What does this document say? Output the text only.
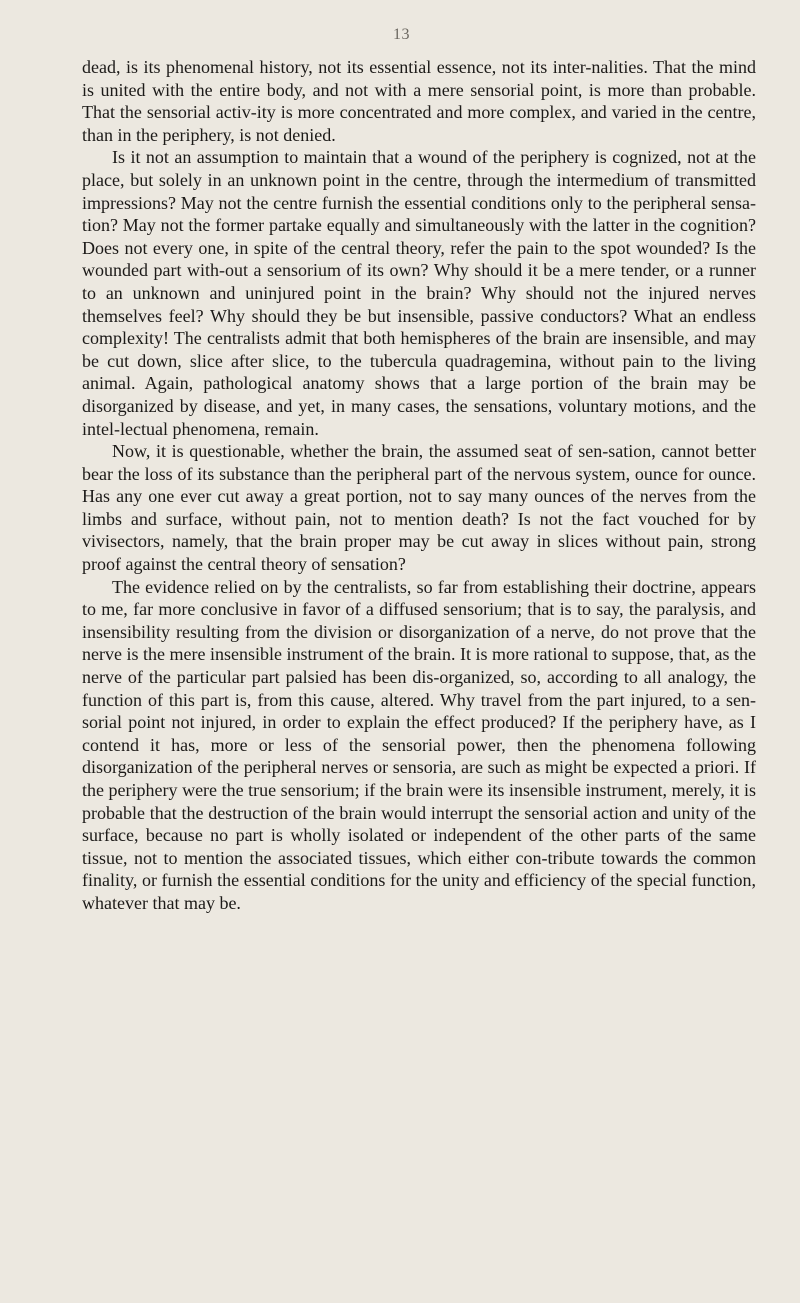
13

dead, is its phenomenal history, not its essential essence, not its inter-nalities. That the mind is united with the entire body, and not with a mere sensorial point, is more than probable. That the sensorial activ-ity is more concentrated and more complex, and varied in the centre, than in the periphery, is not denied.

Is it not an assumption to maintain that a wound of the periphery is cognized, not at the place, but solely in an unknown point in the centre, through the intermedium of transmitted impressions? May not the centre furnish the essential conditions only to the peripheral sensa-tion? May not the former partake equally and simultaneously with the latter in the cognition? Does not every one, in spite of the central theory, refer the pain to the spot wounded? Is the wounded part with-out a sensorium of its own? Why should it be a mere tender, or a runner to an unknown and uninjured point in the brain? Why should not the injured nerves themselves feel? Why should they be but insensible, passive conductors? What an endless complexity! The centralists admit that both hemispheres of the brain are insensible, and may be cut down, slice after slice, to the tubercula quadragemina, without pain to the living animal. Again, pathological anatomy shows that a large portion of the brain may be disorganized by disease, and yet, in many cases, the sensations, voluntary motions, and the intel-lectual phenomena, remain.

Now, it is questionable, whether the brain, the assumed seat of sen-sation, cannot better bear the loss of its substance than the peripheral part of the nervous system, ounce for ounce. Has any one ever cut away a great portion, not to say many ounces of the nerves from the limbs and surface, without pain, not to mention death? Is not the fact vouched for by vivisectors, namely, that the brain proper may be cut away in slices without pain, strong proof against the central theory of sensation?

The evidence relied on by the centralists, so far from establishing their doctrine, appears to me, far more conclusive in favor of a diffused sensorium; that is to say, the paralysis, and insensibility resulting from the division or disorganization of a nerve, do not prove that the nerve is the mere insensible instrument of the brain. It is more rational to suppose, that, as the nerve of the particular part palsied has been dis-organized, so, according to all analogy, the function of this part is, from this cause, altered. Why travel from the part injured, to a sen-sorial point not injured, in order to explain the effect produced? If the periphery have, as I contend it has, more or less of the sensorial power, then the phenomena following disorganization of the peripheral nerves or sensoria, are such as might be expected a priori. If the periphery were the true sensorium; if the brain were its insensible instrument, merely, it is probable that the destruction of the brain would interrupt the sensorial action and unity of the surface, because no part is wholly isolated or independent of the other parts of the same tissue, not to mention the associated tissues, which either con-tribute towards the common finality, or furnish the essential conditions for the unity and efficiency of the special function, whatever that may be.
